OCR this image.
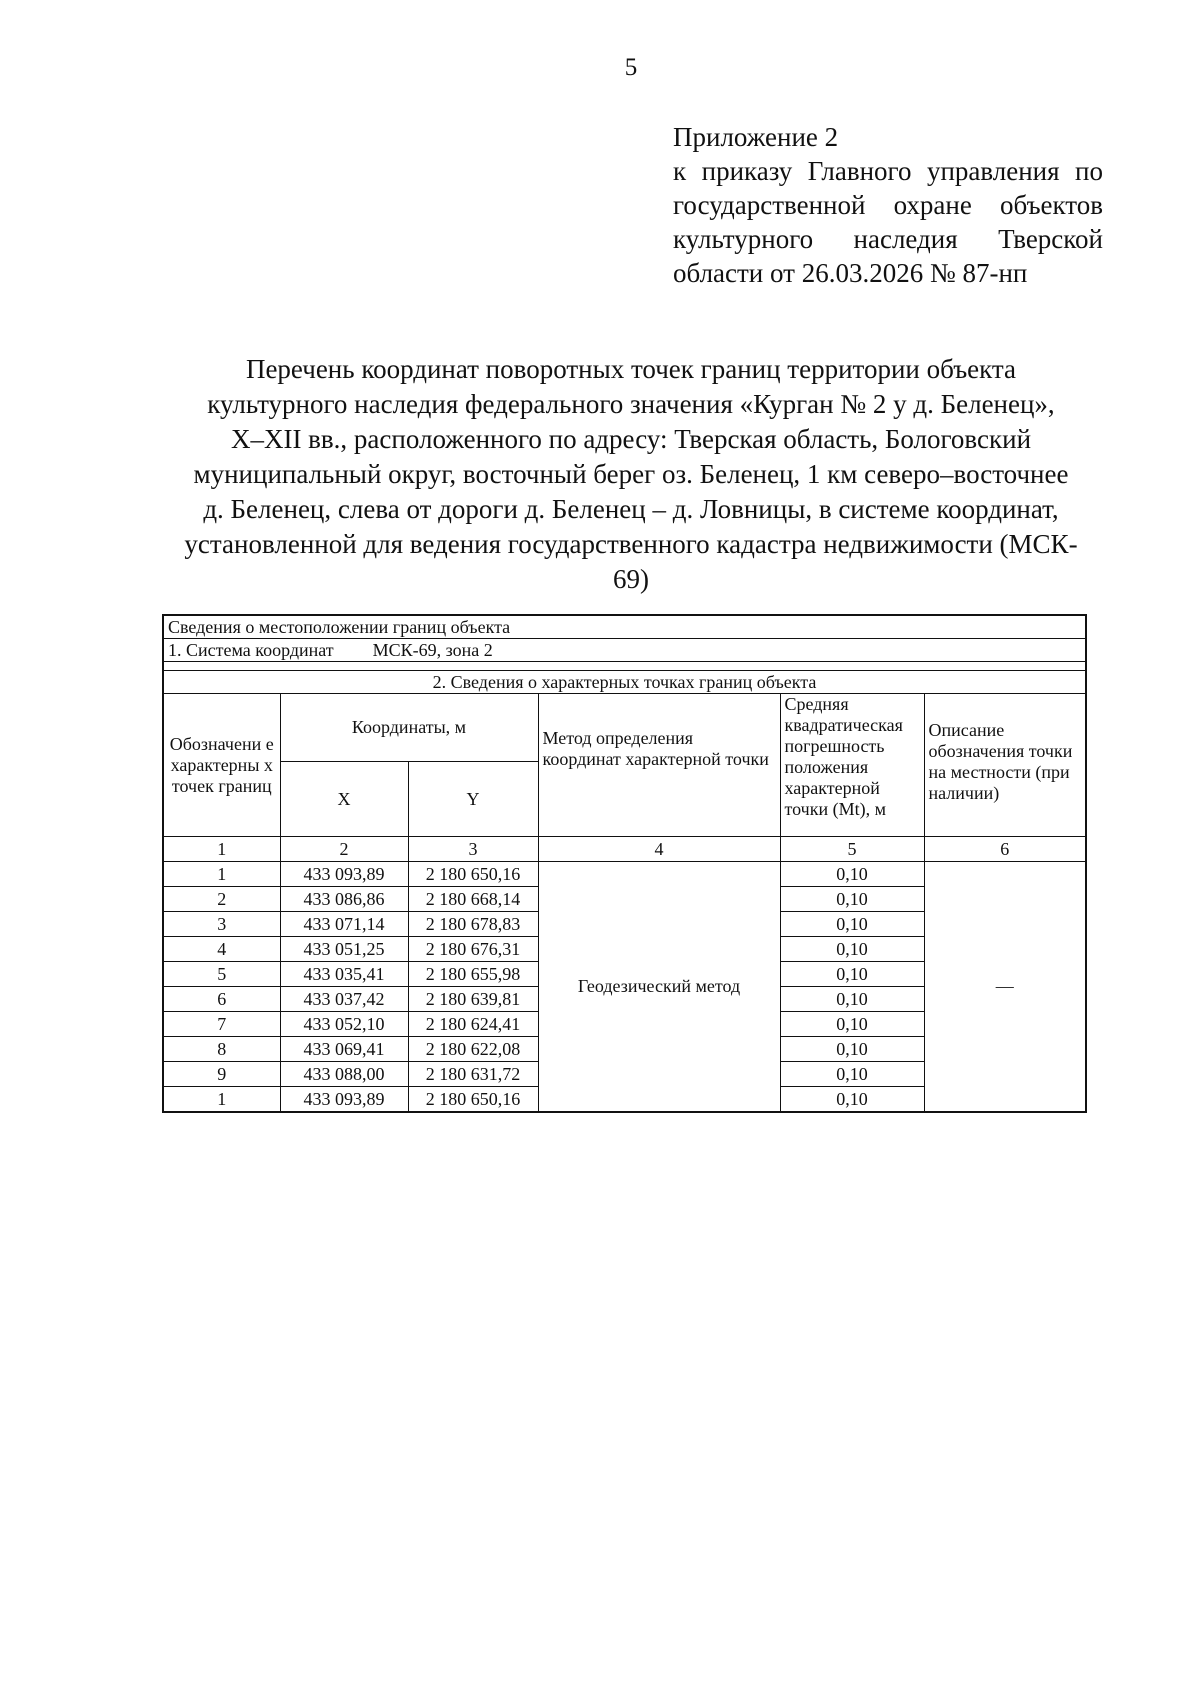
5
Приложение 2
к приказу Главного управления по государственной охране объектов культурного наследия Тверской области от 26.03.2026 № 87-нп
Перечень координат поворотных точек границ территории объекта
культурного наследия федерального значения «Курган № 2 у д. Беленец»,
X–XII вв., расположенного по адресу: Тверская область, Бологовский
муниципальный округ, восточный берег оз. Беленец, 1 км северо–восточнее
д. Беленец, слева от дороги д. Беленец – д. Ловницы, в системе координат,
установленной для ведения государственного кадастра недвижимости (МСК-
69)
Сведения о местоположении границ объекта					
1. Система координат МСК-69, зона 2					

2. Сведения о характерных точках границ объекта					
Обозначени е характерны х точек границ	Координаты, м		Метод определения координат характерной точки	Средняя квадратическая погрешность положения характерной точки (Mt), м	Описание обозначения точки на местности (при наличии)
	X	Y			
1	2	3	4	5	6
1	433 093,89	2 180 650,16	Геодезический метод	0,10	—
2	433 086,86	2 180 668,14		0,10	
3	433 071,14	2 180 678,83		0,10	
4	433 051,25	2 180 676,31		0,10	
5	433 035,41	2 180 655,98		0,10	
6	433 037,42	2 180 639,81		0,10	
7	433 052,10	2 180 624,41		0,10	
8	433 069,41	2 180 622,08		0,10	
9	433 088,00	2 180 631,72		0,10	
1	433 093,89	2 180 650,16		0,10	
